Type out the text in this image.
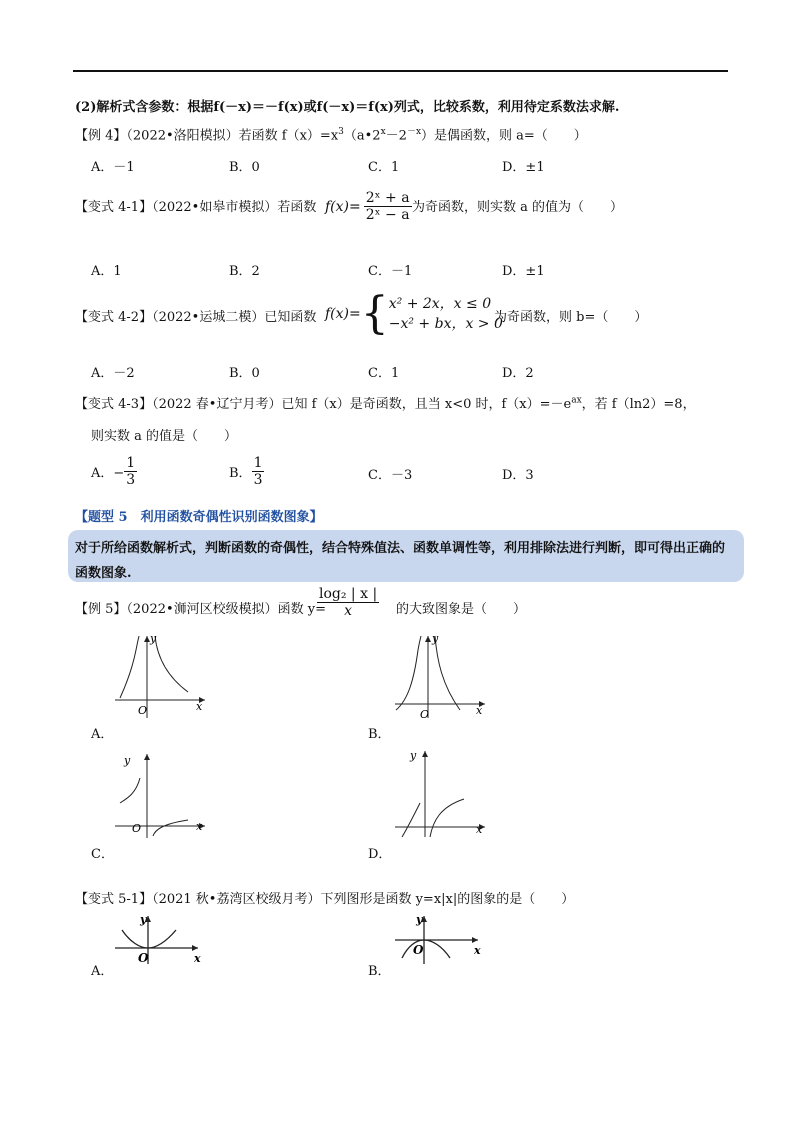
(2)解析式含参数：根据f(－x)＝－f(x)或f(－x)＝f(x)列式，比较系数，利用待定系数法求解.
【例 4】（2022•洛阳模拟）若函数 $f(x)=x^3(a•2^x-2^{-x})$是偶函数，则 a=（　　）
A．－1	B．0	C．1	D．±1
【变式 4-1】（2022•如皋市模拟）若函数 $f(x)= \frac{\text{2ˣ + a}}{\text{2ˣ − a}}$ 为奇函数，则实数 a 的值为（　　）
A．1	B．2	C．－1	D．±1
【变式 4-2】（2022•运城二模）已知函数 f(x)= { x² + 2x，x ≤ 0
−x² + bx，x > 0
为奇函数，则 b=（　　）
A．－2	B．0	C．1	D．2
【变式 4-3】（2022 春•辽宁月考）已知 f（x）是奇函数，且当 x<0 时，$f(x)=-e^{ax}$，若 f（ln2）=8，
则实数 a 的值是（　　）
A．− $\frac{1}{3}$	B． $\frac{1}{3}$	C．－3	D．3
【题型 5　利用函数奇偶性识别函数图象】
对于所给函数解析式，判断函数的奇偶性，结合特殊值法、函数单调性等，利用排除法进行判断，即可得出正确的函数图象.
【例 5】（2022•浉河区校级模拟）函数 y=
$\frac{\text{log₂ | x |}}{x}$ 的大致图象是（　　）
O
y
x
A．
O
y
x
B．
y
O	x
C．
y
x
D．
【变式 5-1】（2021 秋•荔湾区校级月考）下列图形是函数 y=x|x|的图象的是（　　）
y
O	x
A．
y
O	x
B．
